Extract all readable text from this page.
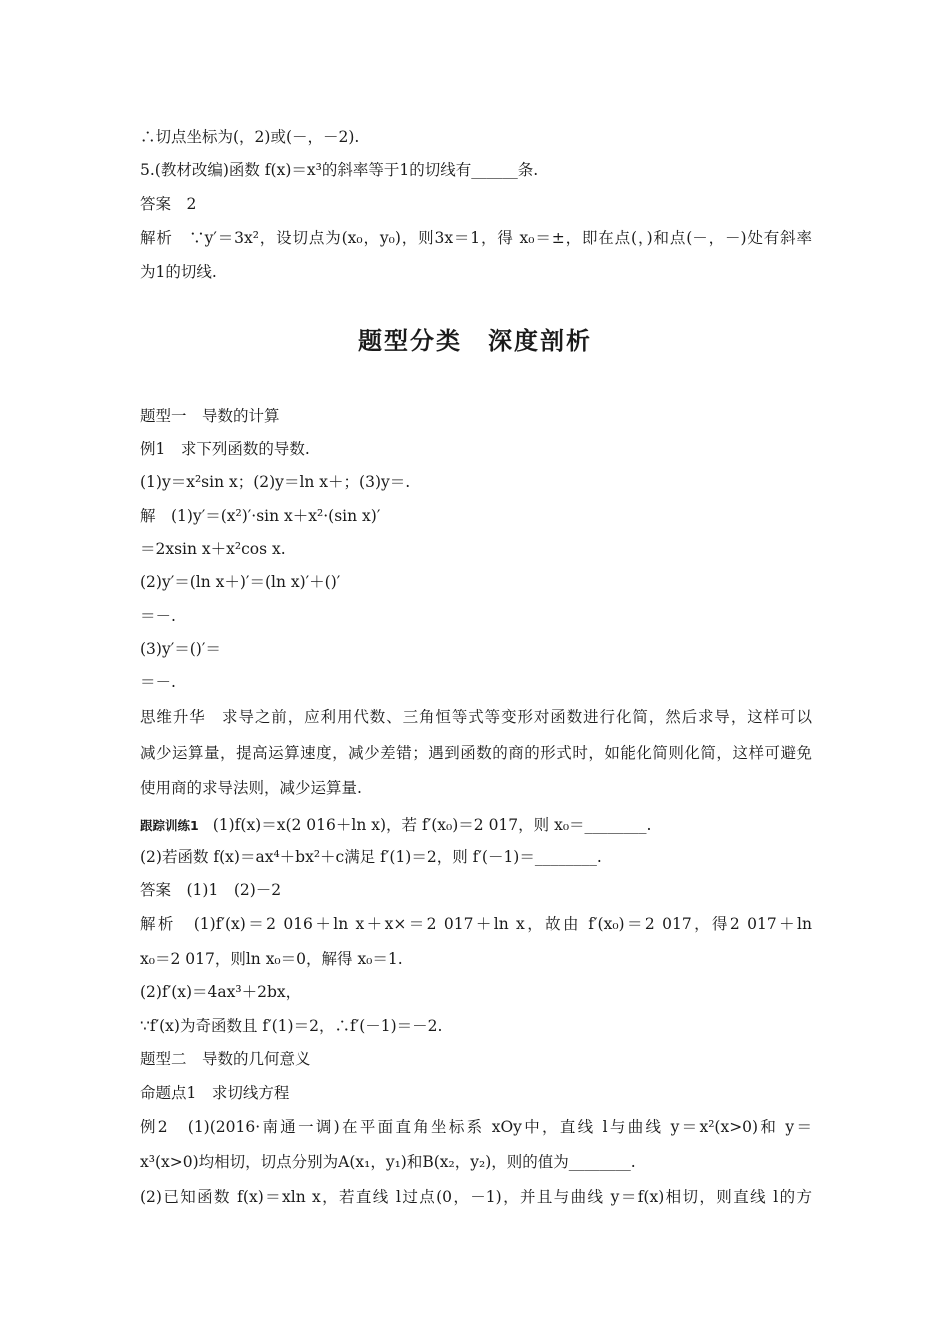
∴切点坐标为(，2)或(－，－2).
5.(教材改编)函数 f(x)＝x³的斜率等于1的切线有______条.
答案　2
解析　∵y′＝3x²，设切点为(x₀，y₀)，则3x＝1，得 x₀＝±，即在点(，)和点(－，－)处有斜率
为1的切线.
题型分类　深度剖析
题型一　导数的计算
例1　求下列函数的导数.
(1)y＝x²sin x；(2)y＝ln x＋；(3)y＝.
解　(1)y′＝(x²)′·sin x＋x²·(sin x)′
＝2xsin x＋x²cos x.
(2)y′＝(ln x＋)′＝(ln x)′＋()′
＝－.
(3)y′＝()′＝
＝－.
思维升华　求导之前，应利用代数、三角恒等式等变形对函数进行化简，然后求导，这样可以
减少运算量，提高运算速度，减少差错；遇到函数的商的形式时，如能化简则化简，这样可避免
使用商的求导法则，减少运算量.
跟踪训练1 (1)f(x)＝x(2 016＋ln x)，若 f′(x₀)＝2 017，则 x₀＝________.
(2)若函数 f(x)＝ax⁴＋bx²＋c满足 f′(1)＝2，则 f′(－1)＝________.
答案　(1)1　(2)－2
解析　(1)f′(x)＝2 016＋ln x＋x×＝2 017＋ln x，故由 f′(x₀)＝2 017，得2 017＋ln
x₀＝2 017，则ln x₀＝0，解得 x₀＝1.
(2)f′(x)＝4ax³＋2bx，
∵f′(x)为奇函数且 f′(1)＝2，∴f′(－1)＝－2.
题型二　导数的几何意义
命题点1　求切线方程
例2　(1)(2016·南通一调)在平面直角坐标系 xOy中，直线 l与曲线 y＝x²(x>0)和 y＝
x³(x>0)均相切，切点分别为A(x₁，y₁)和B(x₂，y₂)，则的值为________.
(2)已知函数 f(x)＝xln x，若直线 l过点(0，－1)，并且与曲线 y＝f(x)相切，则直线 l的方
